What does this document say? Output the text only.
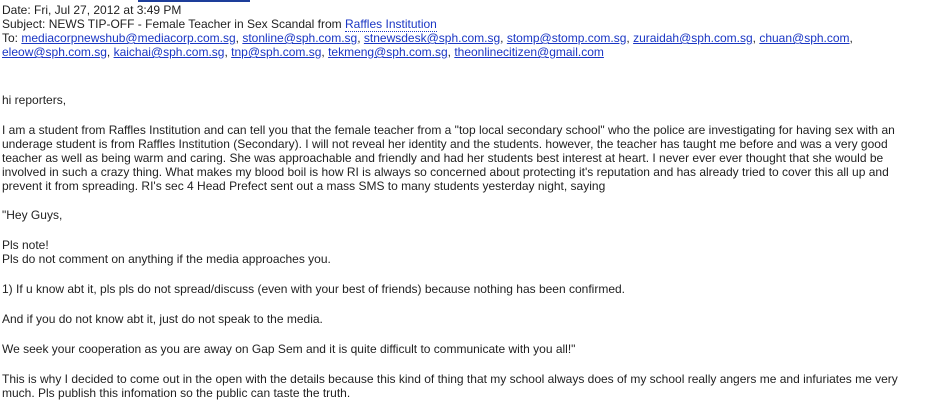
Date: Fri, Jul 27, 2012 at 3:49 PM
Subject: NEWS TIP-OFF - Female Teacher in Sex Scandal from Raffles Institution
To: mediacorpnewshub@mediacorp.com.sg, stonline@sph.com.sg, stnewsdesk@sph.com.sg, stomp@stomp.com.sg, zuraidah@sph.com.sg, chuan@sph.com, eleow@sph.com.sg, kaichai@sph.com.sg, tnp@sph.com.sg, tekmeng@sph.com.sg, theonlinecitizen@gmail.com

hi reporters,

I am a student from Raffles Institution and can tell you that the female teacher from a "top local secondary school" who the police are investigating for having sex with an underage student is from Raffles Institution (Secondary). I will not reveal her identity and the students. however, the teacher has taught me before and was a very good teacher as well as being warm and caring. She was approachable and friendly and had her students best interest at heart. I never ever ever thought that she would be involved in such a crazy thing. What makes my blood boil is how RI is always so concerned about protecting it's reputation and has already tried to cover this all up and prevent it from spreading. RI's sec 4 Head Prefect sent out a mass SMS to many students yesterday night, saying

"Hey Guys,

Pls note!

Pls do not comment on anything if the media approaches you.

1) If u know abt it, pls pls do not spread/discuss (even with your best of friends) because nothing has been confirmed.

And if you do not know abt it, just do not speak to the media.

We seek your cooperation as you are away on Gap Sem and it is quite difficult to communicate with you all!"

This is why I decided to come out in the open with the details because this kind of thing that my school always does of my school really angers me and infuriates me very much. Pls publish this infomation so the public can taste the truth.
